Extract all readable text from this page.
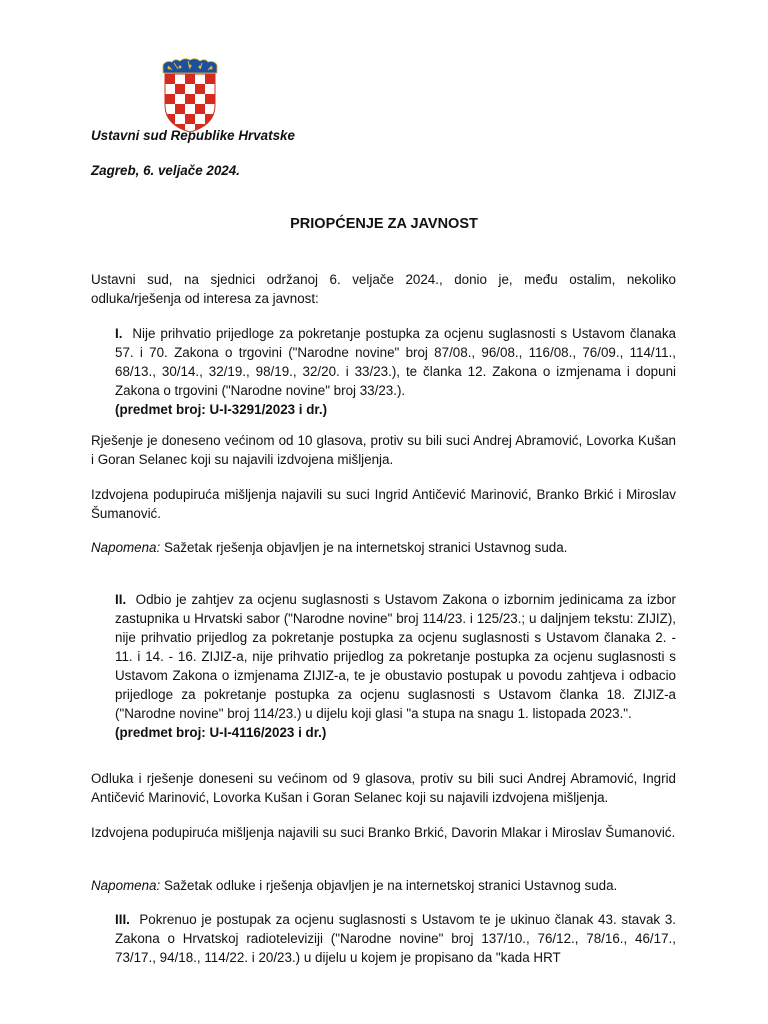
Ustavni sud Republike Hrvatske
Zagreb, 6. veljače 2024.
PRIOPĆENJE ZA JAVNOST

Ustavni sud, na sjednici održanoj 6. veljače 2024., donio je, među ostalim, nekoliko odluka/rješenja od interesa za javnost:

I. Nije prihvatio prijedloge za pokretanje postupka za ocjenu suglasnosti s Ustavom članaka 57. i 70. Zakona o trgovini ("Narodne novine" broj 87/08., 96/08., 116/08., 76/09., 114/11., 68/13., 30/14., 32/19., 98/19., 32/20. i 33/23.), te članka 12. Zakona o izmjenama i dopuni Zakona o trgovini ("Narodne novine" broj 33/23.).
(predmet broj: U-I-3291/2023 i dr.)

Rješenje je doneseno većinom od 10 glasova, protiv su bili suci Andrej Abramović, Lovorka Kušan i Goran Selanec koji su najavili izdvojena mišljenja.

Izdvojena podupiruća mišljenja najavili su suci Ingrid Antičević Marinović, Branko Brkić i Miroslav Šumanović.

Napomena: Sažetak rješenja objavljen je na internetskoj stranici Ustavnog suda.

II. Odbio je zahtjev za ocjenu suglasnosti s Ustavom Zakona o izbornim jedinicama za izbor zastupnika u Hrvatski sabor ("Narodne novine" broj 114/23. i 125/23.; u daljnjem tekstu: ZIJIZ), nije prihvatio prijedlog za pokretanje postupka za ocjenu suglasnosti s Ustavom članaka 2. - 11. i 14. - 16. ZIJIZ-a, nije prihvatio prijedlog za pokretanje postupka za ocjenu suglasnosti s Ustavom Zakona o izmjenama ZIJIZ-a, te je obustavio postupak u povodu zahtjeva i odbacio prijedloge za pokretanje postupka za ocjenu suglasnosti s Ustavom članka 18. ZIJIZ-a ("Narodne novine" broj 114/23.) u dijelu koji glasi "a stupa na snagu 1. listopada 2023.".
(predmet broj: U-I-4116/2023 i dr.)

Odluka i rješenje doneseni su većinom od 9 glasova, protiv su bili suci Andrej Abramović, Ingrid Antičević Marinović, Lovorka Kušan i Goran Selanec koji su najavili izdvojena mišljenja.

Izdvojena podupiruća mišljenja najavili su suci Branko Brkić, Davorin Mlakar i Miroslav Šumanović.

Napomena: Sažetak odluke i rješenja objavljen je na internetskoj stranici Ustavnog suda.

III. Pokrenuo je postupak za ocjenu suglasnosti s Ustavom te je ukinuo članak 43. stavak 3. Zakona o Hrvatskoj radioteleviziji ("Narodne novine" broj 137/10., 76/12., 78/16., 46/17., 73/17., 94/18., 114/22. i 20/23.) u dijelu u kojem je propisano da "kada HRT
